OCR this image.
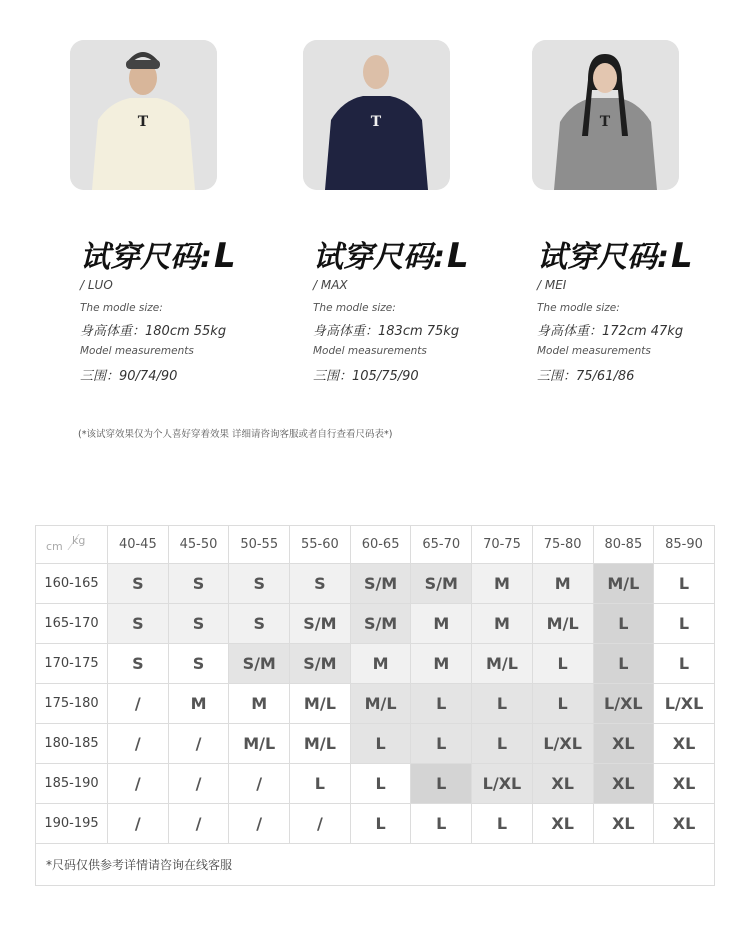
T
试穿尺码:L
/ LUO
The modle size:
身高体重：180cm 55kg
Model measurements
三围：90/74/90
T
试穿尺码:L
/ MAX
The modle size:
身高体重：183cm 75kg
Model measurements
三围：105/75/90
T
试穿尺码:L
/ MEI
The modle size:
身高体重：172cm 47kg
Model measurements
三围：75/61/86
(*该试穿效果仅为个人喜好穿着效果 详细请咨询客服或者自行查看尺码表*)
cm kg	40-45	45-50	50-55	55-60	60-65	65-70	70-75	75-80	80-85	85-90
160-165	S	S	S	S	S/M	S/M	M	M	M/L	L
165-170	S	S	S	S/M	S/M	M	M	M/L	L	L
170-175	S	S	S/M	S/M	M	M	M/L	L	L	L
175-180	/	M	M	M/L	M/L	L	L	L	L/XL	L/XL
180-185	/	/	M/L	M/L	L	L	L	L/XL	XL	XL
185-190	/	/	/	L	L	L	L/XL	XL	XL	XL
190-195	/	/	/	/	L	L	L	XL	XL	XL
*尺码仅供参考详情请咨询在线客服										
